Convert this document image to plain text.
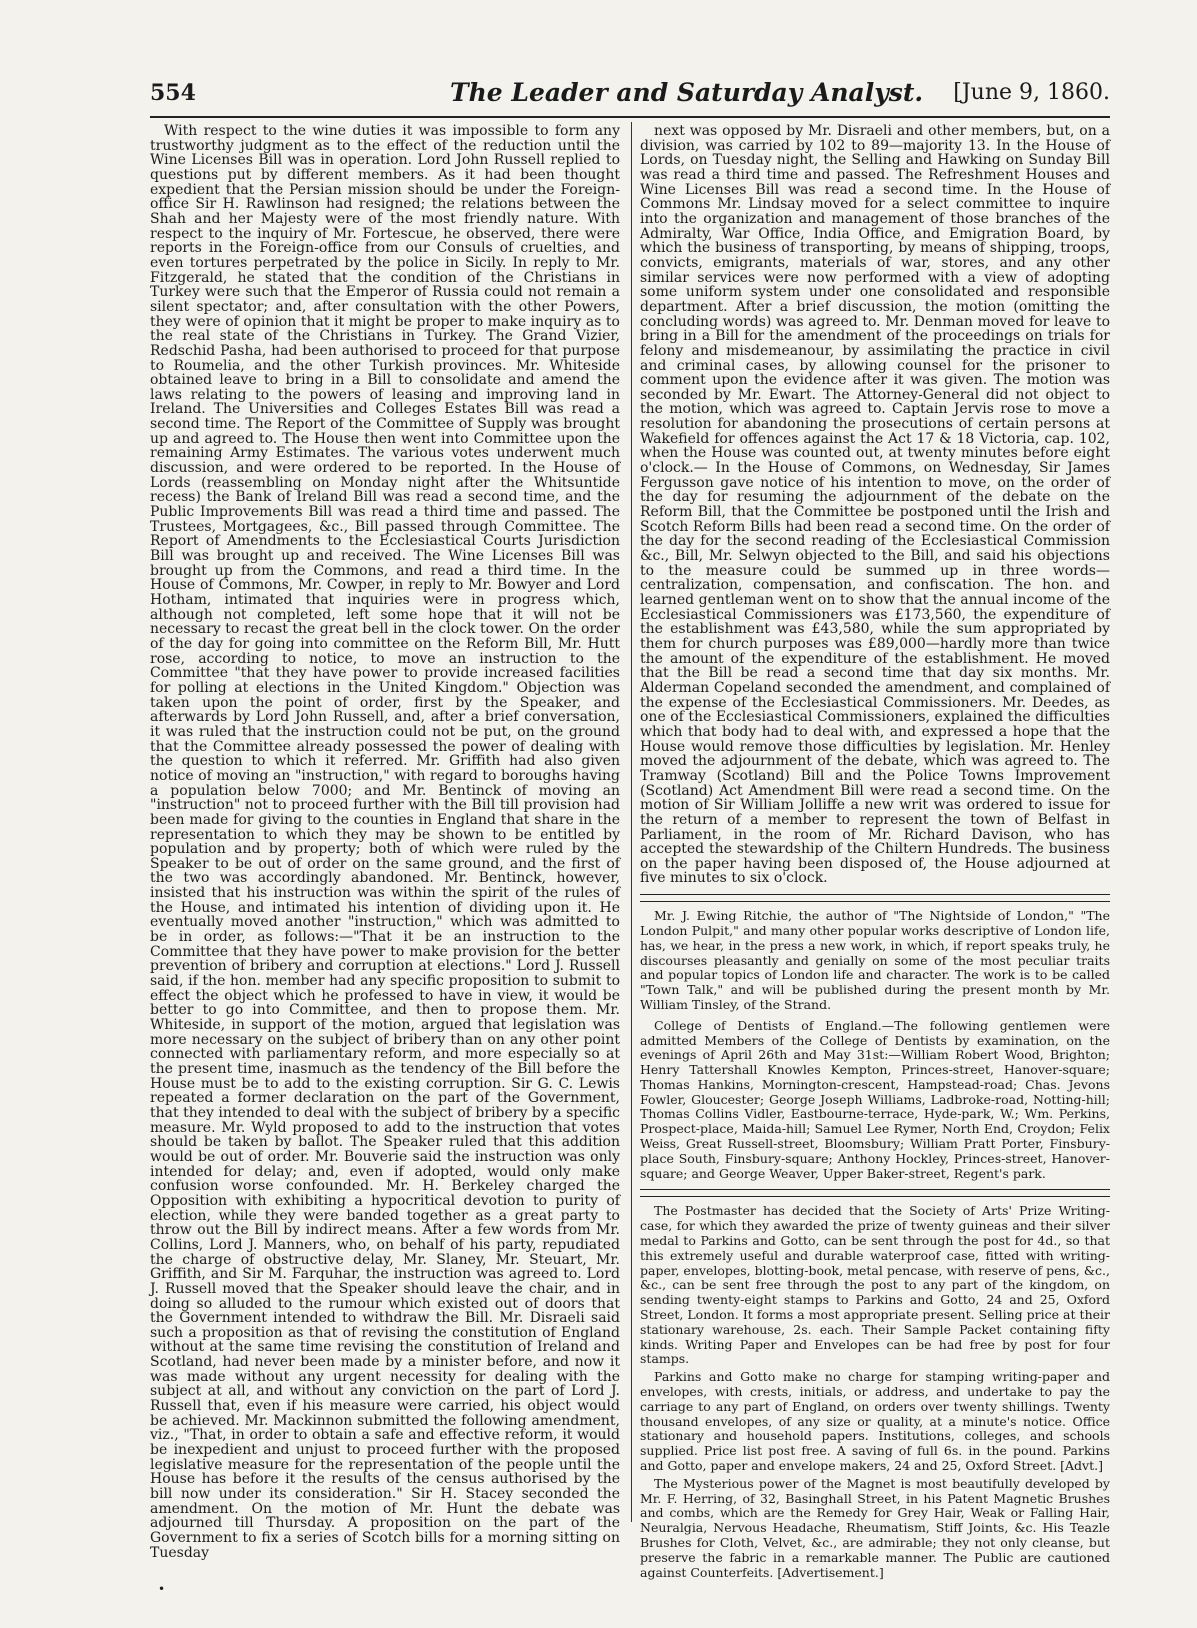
554	The Leader and Saturday Analyst. [June 9, 1860.

With respect to the wine duties it was impossible to form any trustworthy judgment as to the effect of the reduction until the Wine Licenses Bill was in operation. Lord John Russell replied to questions put by different members. As it had been thought expedient that the Persian mission should be under the Foreign-office Sir H. Rawlinson had resigned; the relations between the Shah and her Majesty were of the most friendly nature. With respect to the inquiry of Mr. Fortescue, he observed, there were reports in the Foreign-office from our Consuls of cruelties, and even tortures perpetrated by the police in Sicily. In reply to Mr. Fitzgerald, he stated that the condition of the Christians in Turkey were such that the Emperor of Russia could not remain a silent spectator; and, after consultation with the other Powers, they were of opinion that it might be proper to make inquiry as to the real state of the Christians in Turkey. The Grand Vizier, Redschid Pasha, had been authorised to proceed for that purpose to Roumelia, and the other Turkish provinces. Mr. Whiteside obtained leave to bring in a Bill to consolidate and amend the laws relating to the powers of leasing and improving land in Ireland. The Universities and Colleges Estates Bill was read a second time. The Report of the Committee of Supply was brought up and agreed to. The House then went into Committee upon the remaining Army Estimates. The various votes underwent much discussion, and were ordered to be reported. In the House of Lords (reassembling on Monday night after the Whitsuntide recess) the Bank of Ireland Bill was read a second time, and the Public Improvements Bill was read a third time and passed. The Trustees, Mortgagees, &c., Bill passed through Committee. The Report of Amendments to the Ecclesiastical Courts Jurisdiction Bill was brought up and received. The Wine Licenses Bill was brought up from the Commons, and read a third time. In the House of Commons, Mr. Cowper, in reply to Mr. Bowyer and Lord Hotham, intimated that inquiries were in progress which, although not completed, left some hope that it will not be necessary to recast the great bell in the clock tower. On the order of the day for going into committee on the Reform Bill, Mr. Hutt rose, according to notice, to move an instruction to the Committee "that they have power to provide increased facilities for polling at elections in the United Kingdom." Objection was taken upon the point of order, first by the Speaker, and afterwards by Lord John Russell, and, after a brief conversation, it was ruled that the instruction could not be put, on the ground that the Committee already possessed the power of dealing with the question to which it referred. Mr. Griffith had also given notice of moving an "instruction," with regard to boroughs having a population below 7000; and Mr. Bentinck of moving an "instruction" not to proceed further with the Bill till provision had been made for giving to the counties in England that share in the representation to which they may be shown to be entitled by population and by property; both of which were ruled by the Speaker to be out of order on the same ground, and the first of the two was accordingly abandoned. Mr. Bentinck, however, insisted that his instruction was within the spirit of the rules of the House, and intimated his intention of dividing upon it. He eventually moved another "instruction," which was admitted to be in order, as follows:—"That it be an instruction to the Committee that they have power to make provision for the better prevention of bribery and corruption at elections." Lord J. Russell said, if the hon. member had any specific proposition to submit to effect the object which he professed to have in view, it would be better to go into Committee, and then to propose them. Mr. Whiteside, in support of the motion, argued that legislation was more necessary on the subject of bribery than on any other point connected with parliamentary reform, and more especially so at the present time, inasmuch as the tendency of the Bill before the House must be to add to the existing corruption. Sir G. C. Lewis repeated a former declaration on the part of the Government, that they intended to deal with the subject of bribery by a specific measure. Mr. Wyld proposed to add to the instruction that votes should be taken by ballot. The Speaker ruled that this addition would be out of order. Mr. Bouverie said the instruction was only intended for delay; and, even if adopted, would only make confusion worse confounded. Mr. H. Berkeley charged the Opposition with exhibiting a hypocritical devotion to purity of election, while they were banded together as a great party to throw out the Bill by indirect means. After a few words from Mr. Collins, Lord J. Manners, who, on behalf of his party, repudiated the charge of obstructive delay, Mr. Slaney, Mr. Steuart, Mr. Griffith, and Sir M. Farquhar, the instruction was agreed to. Lord J. Russell moved that the Speaker should leave the chair, and in doing so alluded to the rumour which existed out of doors that the Government intended to withdraw the Bill. Mr. Disraeli said such a proposition as that of revising the constitution of England without at the same time revising the constitution of Ireland and Scotland, had never been made by a minister before, and now it was made without any urgent necessity for dealing with the subject at all, and without any conviction on the part of Lord J. Russell that, even if his measure were carried, his object would be achieved. Mr. Mackinnon submitted the following amendment, viz., "That, in order to obtain a safe and effective reform, it would be inexpedient and unjust to proceed further with the proposed legislative measure for the representation of the people until the House has before it the results of the census authorised by the bill now under its consideration." Sir H. Stacey seconded the amendment. On the motion of Mr. Hunt the debate was adjourned till Thursday. A proposition on the part of the Government to fix a series of Scotch bills for a morning sitting on Tuesday

next was opposed by Mr. Disraeli and other members, but, on a division, was carried by 102 to 89—majority 13. In the House of Lords, on Tuesday night, the Selling and Hawking on Sunday Bill was read a third time and passed. The Refreshment Houses and Wine Licenses Bill was read a second time. In the House of Commons Mr. Lindsay moved for a select committee to inquire into the organization and management of those branches of the Admiralty, War Office, India Office, and Emigration Board, by which the business of transporting, by means of shipping, troops, convicts, emigrants, materials of war, stores, and any other similar services were now performed with a view of adopting some uniform system under one consolidated and responsible department. After a brief discussion, the motion (omitting the concluding words) was agreed to. Mr. Denman moved for leave to bring in a Bill for the amendment of the proceedings on trials for felony and misdemeanour, by assimilating the practice in civil and criminal cases, by allowing counsel for the prisoner to comment upon the evidence after it was given. The motion was seconded by Mr. Ewart. The Attorney-General did not object to the motion, which was agreed to. Captain Jervis rose to move a resolution for abandoning the prosecutions of certain persons at Wakefield for offences against the Act 17 & 18 Victoria, cap. 102, when the House was counted out, at twenty minutes before eight o'clock.— In the House of Commons, on Wednesday, Sir James Fergusson gave notice of his intention to move, on the order of the day for resuming the adjournment of the debate on the Reform Bill, that the Committee be postponed until the Irish and Scotch Reform Bills had been read a second time. On the order of the day for the second reading of the Ecclesiastical Commission &c., Bill, Mr. Selwyn objected to the Bill, and said his objections to the measure could be summed up in three words— centralization, compensation, and confiscation. The hon. and learned gentleman went on to show that the annual income of the Ecclesiastical Commissioners was £173,560, the expenditure of the establishment was £43,580, while the sum appropriated by them for church purposes was £89,000—hardly more than twice the amount of the expenditure of the establishment. He moved that the Bill be read a second time that day six months. Mr. Alderman Copeland seconded the amendment, and complained of the expense of the Ecclesiastical Commissioners. Mr. Deedes, as one of the Ecclesiastical Commissioners, explained the difficulties which that body had to deal with, and expressed a hope that the House would remove those difficulties by legislation. Mr. Henley moved the adjournment of the debate, which was agreed to. The Tramway (Scotland) Bill and the Police Towns Improvement (Scotland) Act Amendment Bill were read a second time. On the motion of Sir William Jolliffe a new writ was ordered to issue for the return of a member to represent the town of Belfast in Parliament, in the room of Mr. Richard Davison, who has accepted the stewardship of the Chiltern Hundreds. The business on the paper having been disposed of, the House adjourned at five minutes to six o'clock.

Mr. J. Ewing Ritchie, the author of "The Nightside of London," "The London Pulpit," and many other popular works descriptive of London life, has, we hear, in the press a new work, in which, if report speaks truly, he discourses pleasantly and genially on some of the most peculiar traits and popular topics of London life and character. The work is to be called "Town Talk," and will be published during the present month by Mr. William Tinsley, of the Strand.

College of Dentists of England.—The following gentlemen were admitted Members of the College of Dentists by examination, on the evenings of April 26th and May 31st:—William Robert Wood, Brighton; Henry Tattershall Knowles Kempton, Princes-street, Hanover-square; Thomas Hankins, Mornington-crescent, Hampstead-road; Chas. Jevons Fowler, Gloucester; George Joseph Williams, Ladbroke-road, Notting-hill; Thomas Collins Vidler, Eastbourne-terrace, Hyde-park, W.; Wm. Perkins, Prospect-place, Maida-hill; Samuel Lee Rymer, North End, Croydon; Felix Weiss, Great Russell-street, Bloomsbury; William Pratt Porter, Finsbury-place South, Finsbury-square; Anthony Hockley, Princes-street, Hanover-square; and George Weaver, Upper Baker-street, Regent's park.

The Postmaster has decided that the Society of Arts' Prize Writing-case, for which they awarded the prize of twenty guineas and their silver medal to Parkins and Gotto, can be sent through the post for 4d., so that this extremely useful and durable waterproof case, fitted with writing-paper, envelopes, blotting-book, metal pencase, with reserve of pens, &c., &c., can be sent free through the post to any part of the kingdom, on sending twenty-eight stamps to Parkins and Gotto, 24 and 25, Oxford Street, London. It forms a most appropriate present. Selling price at their stationary warehouse, 2s. each. Their Sample Packet containing fifty kinds. Writing Paper and Envelopes can be had free by post for four stamps.

Parkins and Gotto make no charge for stamping writing-paper and envelopes, with crests, initials, or address, and undertake to pay the carriage to any part of England, on orders over twenty shillings. Twenty thousand envelopes, of any size or quality, at a minute's notice. Office stationary and household papers. Institutions, colleges, and schools supplied. Price list post free. A saving of full 6s. in the pound. Parkins and Gotto, paper and envelope makers, 24 and 25, Oxford Street. [Advt.]

The Mysterious power of the Magnet is most beautifully developed by Mr. F. Herring, of 32, Basinghall Street, in his Patent Magnetic Brushes and combs, which are the Remedy for Grey Hair, Weak or Falling Hair, Neuralgia, Nervous Headache, Rheumatism, Stiff Joints, &c. His Teazle Brushes for Cloth, Velvet, &c., are admirable; they not only cleanse, but preserve the fabric in a remarkable manner. The Public are cautioned against Counterfeits. [Advertisement.]

•
